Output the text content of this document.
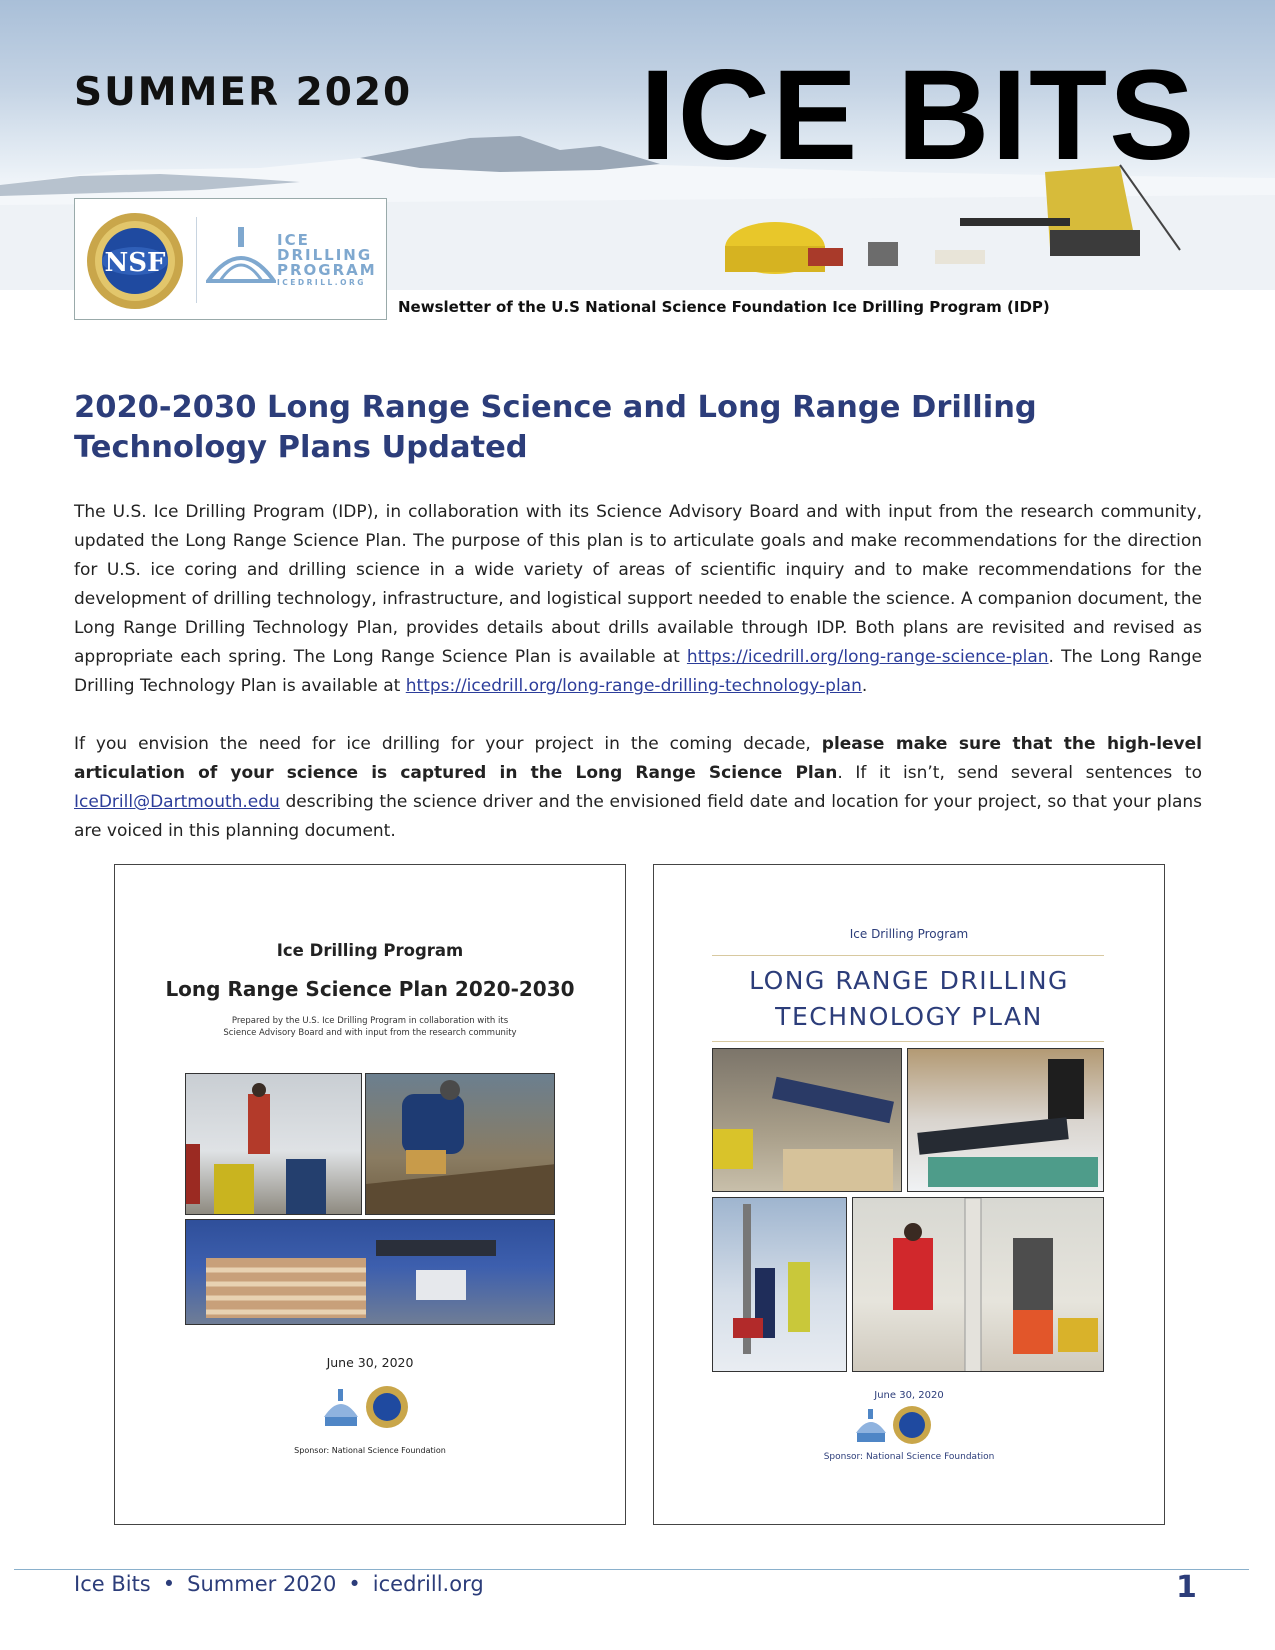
SUMMER 2020 ICE BITS
NSF
ICE
DRILLING
PROGRAM
ICEDRILL.ORG
Newsletter of the U.S National Science Foundation Ice Drilling Program (IDP)
2020-2030 Long Range Science and Long Range Drilling Technology Plans Updated

The U.S. Ice Drilling Program (IDP), in collaboration with its Science Advisory Board and with input from the research community, updated the Long Range Science Plan. The purpose of this plan is to articulate goals and make recommendations for the direction for U.S. ice coring and drilling science in a wide variety of areas of scientific inquiry and to make recommendations for the development of drilling technology, infrastructure, and logistical support needed to enable the science. A companion document, the Long Range Drilling Technology Plan, provides details about drills available through IDP. Both plans are revisited and revised as appropriate each spring. The Long Range Science Plan is available at https://icedrill.org/long-range-science-plan. The Long Range Drilling Technology Plan is available at https://icedrill.org/long-range-drilling-technology-plan.

If you envision the need for ice drilling for your project in the coming decade, please make sure that the high-level articulation of your science is captured in the Long Range Science Plan. If it isn’t, send several sentences to IceDrill@Dartmouth.edu describing the science driver and the envisioned field date and location for your project, so that your plans are voiced in this planning document.

Ice Drilling Program
Long Range Science Plan 2020-2030
Prepared by the U.S. Ice Drilling Program in collaboration with its
Science Advisory Board and with input from the research community
June 30, 2020
Sponsor: National Science Foundation
Ice Drilling Program
LONG RANGE DRILLING
TECHNOLOGY PLAN
June 30, 2020
Sponsor: National Science Foundation
Ice Bits • Summer 2020 • icedrill.org	1
